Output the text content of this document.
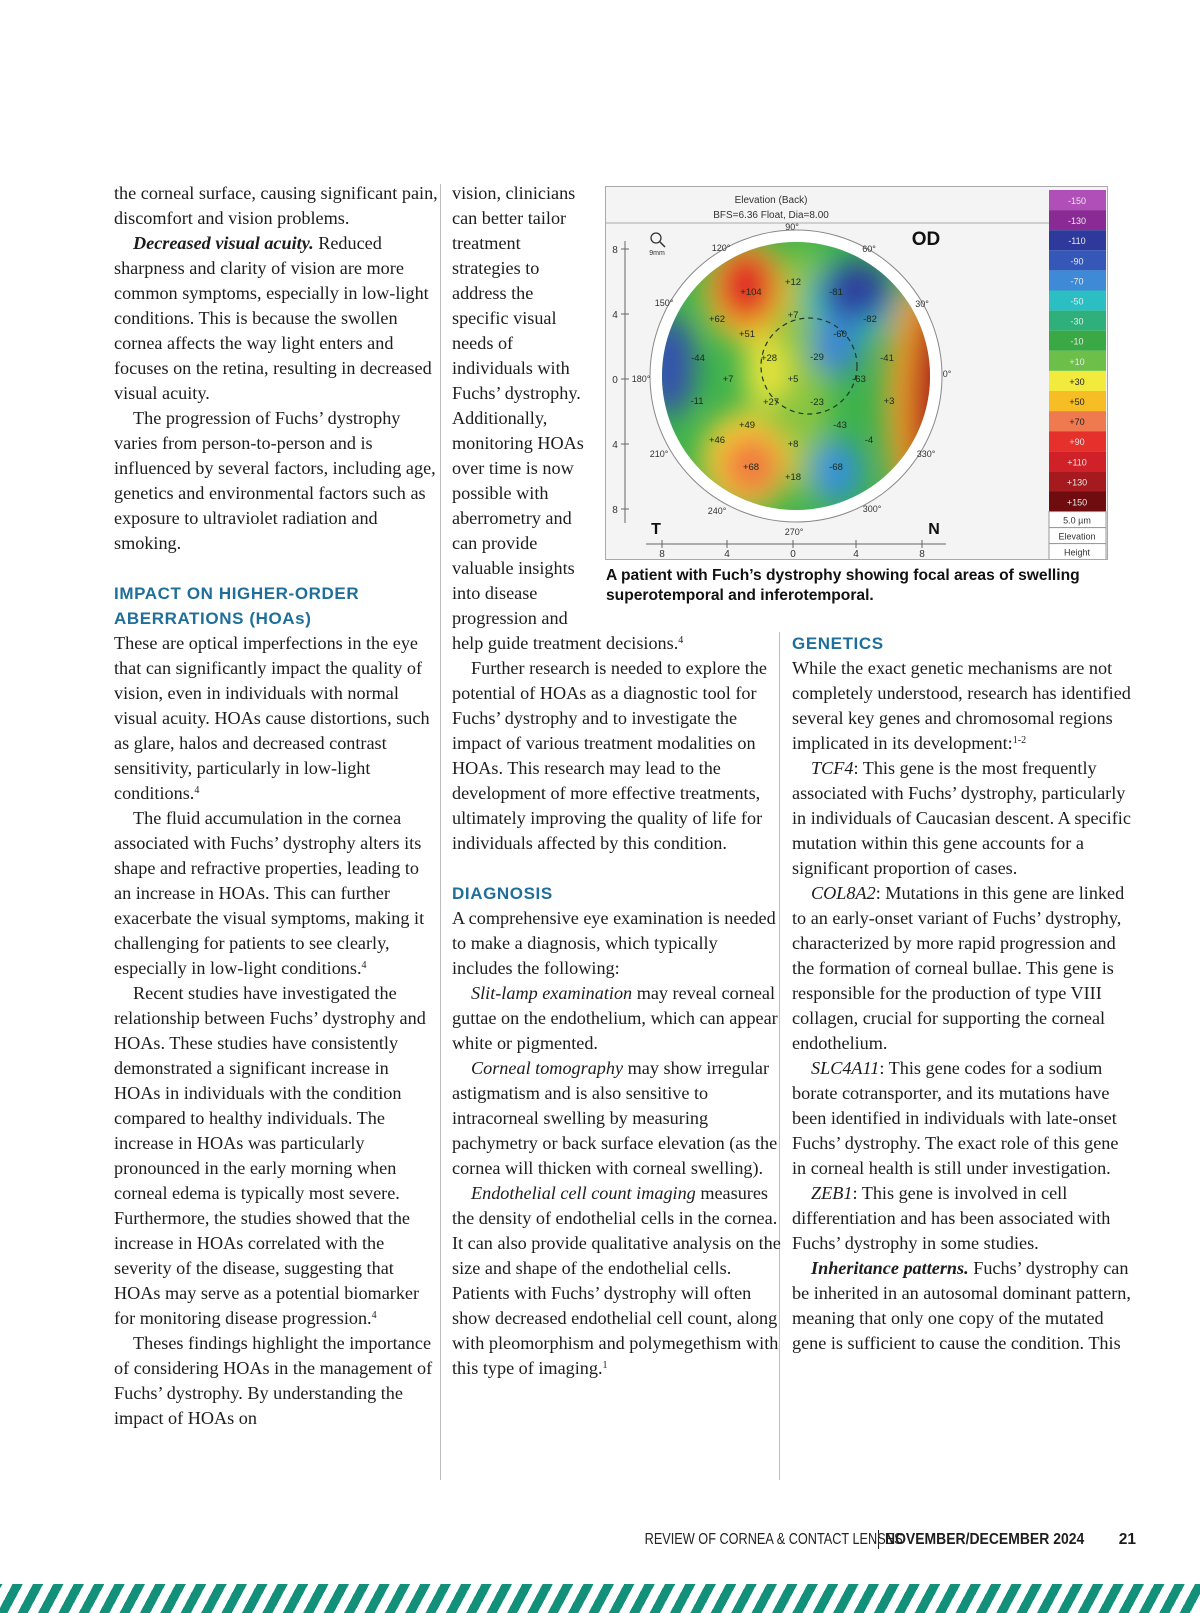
the corneal surface, causing significant pain, discomfort and vision problems.

Decreased visual acuity. Reduced sharpness and clarity of vision are more common symptoms, especially in low-light conditions. This is because the swollen cornea affects the way light enters and focuses on the retina, resulting in decreased visual acuity.

The progression of Fuchs’ dystrophy varies from person-to-person and is influenced by several factors, including age, genetics and environmental factors such as exposure to ultraviolet radiation and smoking.

IMPACT ON HIGHER-ORDER ABERRATIONS (HOAs)

These are optical imperfections in the eye that can significantly impact the quality of vision, even in individuals with normal visual acuity. HOAs cause distortions, such as glare, halos and decreased contrast sensitivity, particularly in low-light conditions.$^4$

The fluid accumulation in the cornea associated with Fuchs’ dystrophy alters its shape and refractive properties, leading to an increase in HOAs. This can further exacerbate the visual symptoms, making it challenging for patients to see clearly, especially in low-light conditions.$^4$

Recent studies have investigated the relationship between Fuchs’ dystrophy and HOAs. These studies have consistently demonstrated a significant increase in HOAs in individuals with the condition compared to healthy individuals. The increase in HOAs was particularly pronounced in the early morning when corneal edema is typically most severe. Furthermore, the studies showed that the increase in HOAs correlated with the severity of the disease, suggesting that HOAs may serve as a potential biomarker for monitoring disease progression.$^4$

Theses findings highlight the importance of considering HOAs in the management of Fuchs’ dystrophy. By understanding the impact of HOAs on

vision, clinicians can better tailor treatment strategies to address the specific visual needs of individuals with Fuchs’ dystrophy. Additionally, monitoring HOAs over time is now possible with aberrometry and can provide valuable insights into disease progression and help guide treatment decisions.$^4$

Further research is needed to explore the potential of HOAs as a diagnostic tool for Fuchs’ dystrophy and to investigate the impact of various treatment modalities on HOAs. This research may lead to the development of more effective treatments, ultimately improving the quality of life for individuals affected by this condition.

DIAGNOSIS

A comprehensive eye examination is needed to make a diagnosis, which typically includes the following:

Slit-lamp examination may reveal corneal guttae on the endothelium, which can appear white or pigmented.

Corneal tomography may show irregular astigmatism and is also sensitive to intracorneal swelling by measuring pachymetry or back surface elevation (as the cornea will thicken with corneal swelling).

Endothelial cell count imaging measures the density of endothelial cells in the cornea. It can also provide qualitative analysis on the size and shape of the endothelial cells. Patients with Fuchs’ dystrophy will often show decreased endothelial cell count, along with pleomorphism and polymegethism with this type of imaging.$^1$

GENETICS

While the exact genetic mechanisms are not completely understood, research has identified several key genes and chromosomal regions implicated in its development:$^{1-2}$

TCF4: This gene is the most frequently associated with Fuchs’ dystrophy, particularly in individuals of Caucasian descent. A specific mutation within this gene accounts for a significant proportion of cases.

COL8A2: Mutations in this gene are linked to an early-onset variant of Fuchs’ dystrophy, characterized by more rapid progression and the formation of corneal bullae. This gene is responsible for the production of type VIII collagen, crucial for supporting the corneal endothelium.

SLC4A11: This gene codes for a sodium borate cotransporter, and its mutations have been identified in individuals with late-onset Fuchs’ dystrophy. The exact role of this gene in corneal health is still under investigation.

ZEB1: This gene is involved in cell differentiation and has been associated with Fuchs’ dystrophy in some studies.

Inheritance patterns. Fuchs’ dystrophy can be inherited in an autosomal dominant pattern, meaning that only one copy of the mutated gene is sufficient to cause the condition. This

Elevation (Back)
BFS=6.36 Float, Dia=8.00
+12
+104	-81
+62	+7	-82
+51	-60
-44	+28	-29	-41
+7	+5	-63
-11	+27	-23	+3
+49	-43
+46	+8	-4
+68	-68
+18
90°
60°
30°
0°
330°
300°
270°
240°
210°
180°
150°
120°
8
4
0
4
8
8	4	0	4	8
9mm
OD
T	N
-150
-130
-110
-90
-70
-50
-30
-10
+10
+30
+50
+70
+90
+110
+130
+150
5.0 µm
Elevation
Height
A patient with Fuch’s dystrophy showing focal areas of swelling superotemporal and inferotemporal.
REVIEW OF CORNEA & CONTACT LENSES
NOVEMBER/DECEMBER 2024 21
